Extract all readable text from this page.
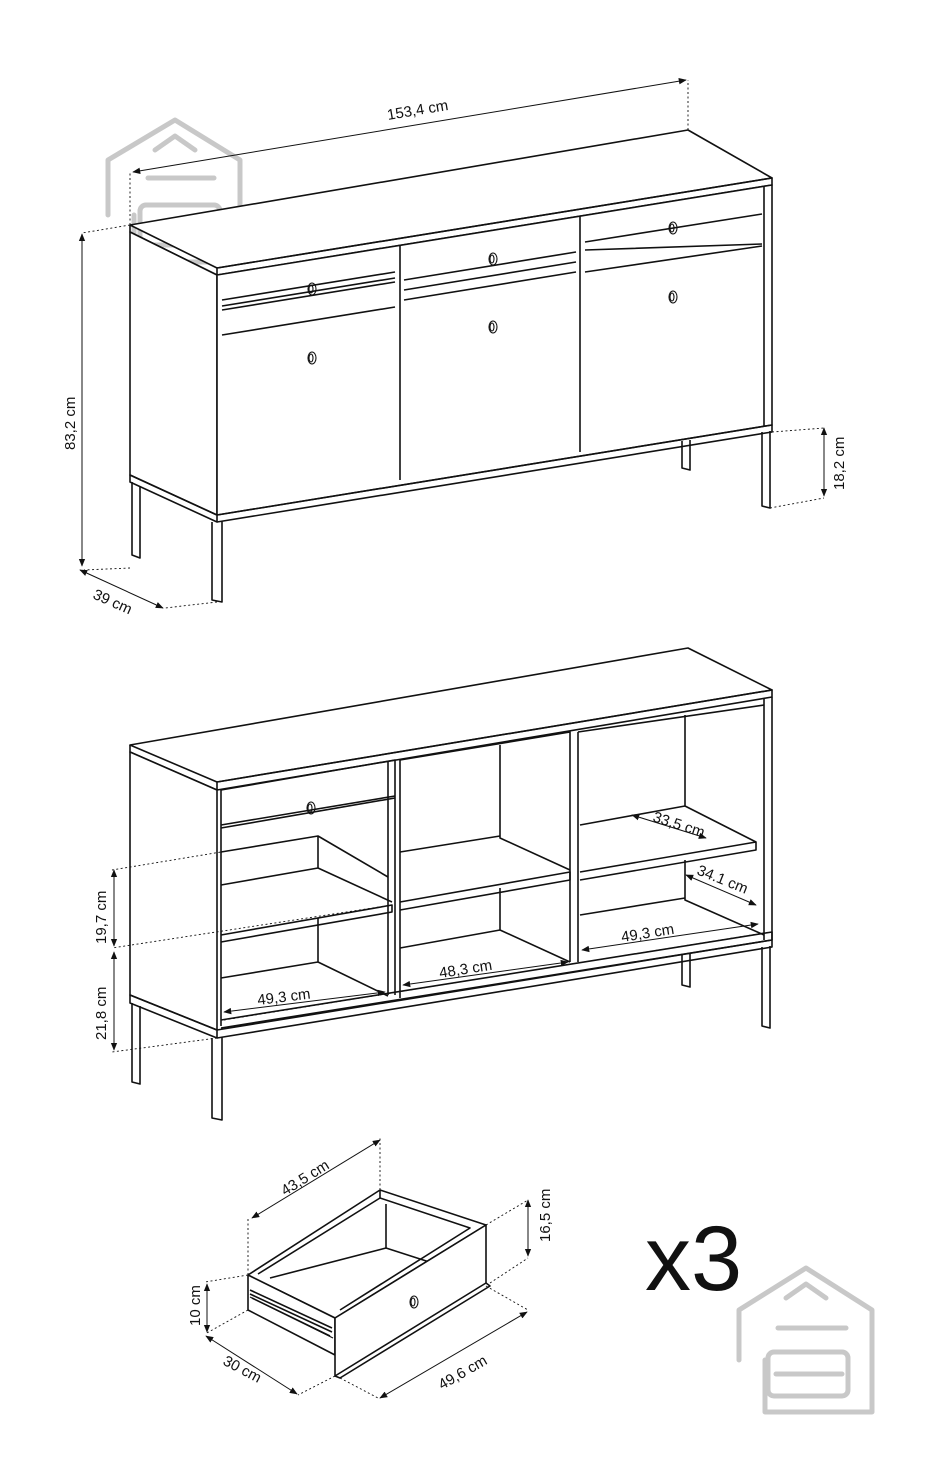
153,4 cm
83,2 cm
39 cm
18,2 cm
33,5 cm
34.1 cm
49,3 cm
48,3 cm
49,3 cm
19,7 cm
21,8 cm
43,5 cm
16,5 cm
10 cm
30 cm	49,6 cm
x3
